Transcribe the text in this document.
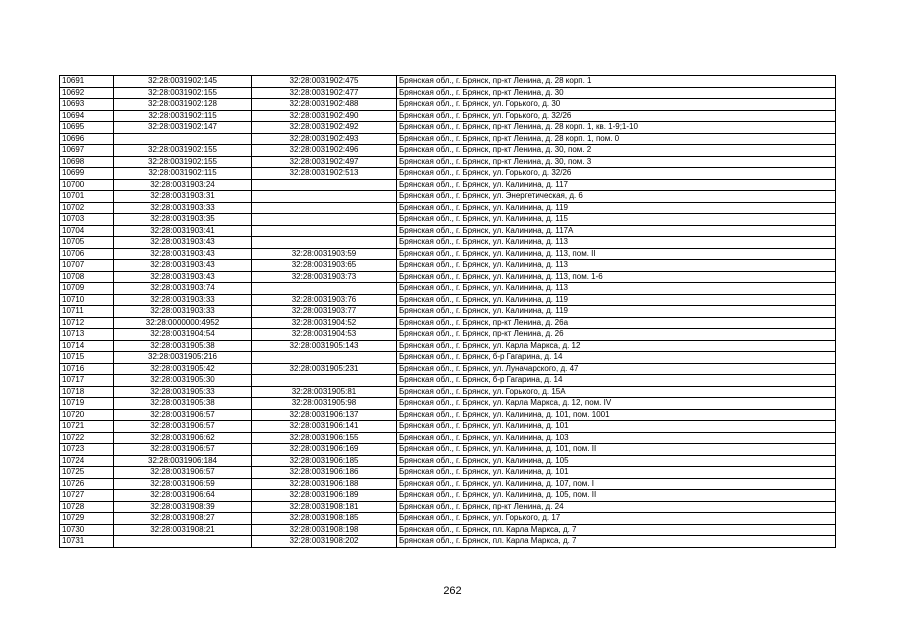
10691	32:28:0031902:145	32:28:0031902:475	Брянская обл., г. Брянск, пр-кт Ленина, д. 28 корп. 1
10692	32:28:0031902:155	32:28:0031902:477	Брянская обл., г. Брянск, пр-кт Ленина, д. 30
10693	32:28:0031902:128	32:28:0031902:488	Брянская обл., г. Брянск, ул. Горького, д. 30
10694	32:28:0031902:115	32:28:0031902:490	Брянская обл., г. Брянск, ул. Горького, д. 32/26
10695	32:28:0031902:147	32:28:0031902:492	Брянская обл., г. Брянск, пр-кт Ленина, д. 28 корп. 1, кв. 1-9;1-10
10696		32:28:0031902:493	Брянская обл., г. Брянск, пр-кт Ленина, д. 28 корп. 1, пом. 0
10697	32:28:0031902:155	32:28:0031902:496	Брянская обл., г. Брянск, пр-кт Ленина, д. 30, пом. 2
10698	32:28:0031902:155	32:28:0031902:497	Брянская обл., г. Брянск, пр-кт Ленина, д. 30, пом. 3
10699	32:28:0031902:115	32:28:0031902:513	Брянская обл., г. Брянск, ул. Горького, д. 32/26
10700	32:28:0031903:24		Брянская обл., г. Брянск, ул. Калинина, д. 117
10701	32:28:0031903:31		Брянская обл., г. Брянск, ул. Энергетическая, д. 6
10702	32:28:0031903:33		Брянская обл., г. Брянск, ул. Калинина, д. 119
10703	32:28:0031903:35		Брянская обл., г. Брянск, ул. Калинина, д. 115
10704	32:28:0031903:41		Брянская обл., г. Брянск, ул. Калинина, д. 117А
10705	32:28:0031903:43		Брянская обл., г. Брянск, ул. Калинина, д. 113
10706	32:28:0031903:43	32:28:0031903:59	Брянская обл., г. Брянск, ул. Калинина, д. 113, пом. II
10707	32:28:0031903:43	32:28:0031903:65	Брянская обл., г. Брянск, ул. Калинина, д. 113
10708	32:28:0031903:43	32:28:0031903:73	Брянская обл., г. Брянск, ул. Калинина, д. 113, пом. 1-6
10709	32:28:0031903:74		Брянская обл., г. Брянск, ул. Калинина, д. 113
10710	32:28:0031903:33	32:28:0031903:76	Брянская обл., г. Брянск, ул. Калинина, д. 119
10711	32:28:0031903:33	32:28:0031903:77	Брянская обл., г. Брянск, ул. Калинина, д. 119
10712	32:28:0000000:4952	32:28:0031904:52	Брянская обл., г. Брянск, пр-кт Ленина, д. 26а
10713	32:28:0031904:54	32:28:0031904:53	Брянская обл., г. Брянск, пр-кт Ленина, д. 26
10714	32:28:0031905:38	32:28:0031905:143	Брянская обл., г. Брянск, ул. Карла Маркса, д. 12
10715	32:28:0031905:216		Брянская обл., г. Брянск, б-р Гагарина, д. 14
10716	32:28:0031905:42	32:28:0031905:231	Брянская обл., г. Брянск, ул. Луначарского, д. 47
10717	32:28:0031905:30		Брянская обл., г. Брянск, б-р Гагарина, д. 14
10718	32:28:0031905:33	32:28:0031905:81	Брянская обл., г. Брянск, ул. Горького, д. 15А
10719	32:28:0031905:38	32:28:0031905:98	Брянская обл., г. Брянск, ул. Карла Маркса, д. 12, пом. IV
10720	32:28:0031906:57	32:28:0031906:137	Брянская обл., г. Брянск, ул. Калинина, д. 101, пом. 1001
10721	32:28:0031906:57	32:28:0031906:141	Брянская обл., г. Брянск, ул. Калинина, д. 101
10722	32:28:0031906:62	32:28:0031906:155	Брянская обл., г. Брянск, ул. Калинина, д. 103
10723	32:28:0031906:57	32:28:0031906:169	Брянская обл., г. Брянск, ул. Калинина, д. 101, пом. II
10724	32:28:0031906:184	32:28:0031906:185	Брянская обл., г. Брянск, ул. Калинина, д. 105
10725	32:28:0031906:57	32:28:0031906:186	Брянская обл., г. Брянск, ул. Калинина, д. 101
10726	32:28:0031906:59	32:28:0031906:188	Брянская обл., г. Брянск, ул. Калинина, д. 107, пом. I
10727	32:28:0031906:64	32:28:0031906:189	Брянская обл., г. Брянск, ул. Калинина, д. 105, пом. II
10728	32:28:0031908:39	32:28:0031908:181	Брянская обл., г. Брянск, пр-кт Ленина, д. 24
10729	32:28:0031908:27	32:28:0031908:185	Брянская обл., г. Брянск, ул. Горького, д. 17
10730	32:28:0031908:21	32:28:0031908:198	Брянская обл., г. Брянск, пл. Карла Маркса, д. 7
10731		32:28:0031908:202	Брянская обл., г. Брянск, пл. Карла Маркса, д. 7
262
